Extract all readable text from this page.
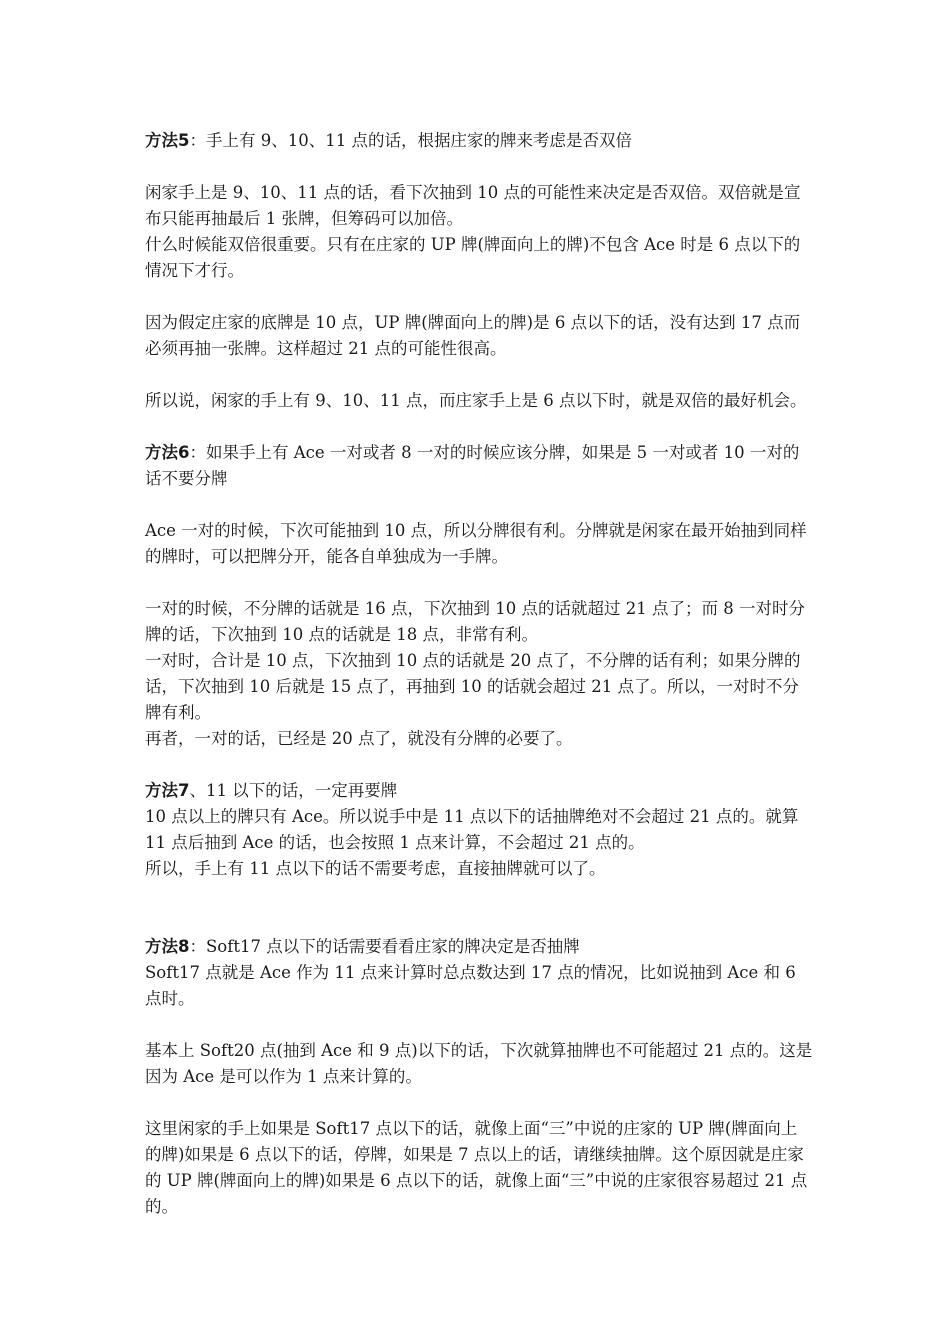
方法5：手上有 9、10、11 点的话，根据庄家的牌来考虑是否双倍

闲家手上是 9、10、11 点的话，看下次抽到 10 点的可能性来决定是否双倍。双倍就是宣布只能再抽最后 1 张牌，但筹码可以加倍。

什么时候能双倍很重要。只有在庄家的 UP 牌(牌面向上的牌)不包含 Ace 时是 6 点以下的情况下才行。

因为假定庄家的底牌是 10 点，UP 牌(牌面向上的牌)是 6 点以下的话，没有达到 17 点而必须再抽一张牌。这样超过 21 点的可能性很高。

所以说，闲家的手上有 9、10、11 点，而庄家手上是 6 点以下时，就是双倍的最好机会。

方法6：如果手上有 Ace 一对或者 8 一对的时候应该分牌，如果是 5 一对或者 10 一对的话不要分牌

Ace 一对的时候，下次可能抽到 10 点，所以分牌很有利。分牌就是闲家在最开始抽到同样的牌时，可以把牌分开，能各自单独成为一手牌。

一对的时候，不分牌的话就是 16 点，下次抽到 10 点的话就超过 21 点了；而 8 一对时分牌的话，下次抽到 10 点的话就是 18 点，非常有利。

一对时，合计是 10 点，下次抽到 10 点的话就是 20 点了，不分牌的话有利；如果分牌的话，下次抽到 10 后就是 15 点了，再抽到 10 的话就会超过 21 点了。所以，一对时不分牌有利。

再者，一对的话，已经是 20 点了，就没有分牌的必要了。

方法7、11 以下的话，一定再要牌

10 点以上的牌只有 Ace。所以说手中是 11 点以下的话抽牌绝对不会超过 21 点的。就算 11 点后抽到 Ace 的话，也会按照 1 点来计算，不会超过 21 点的。

所以，手上有 11 点以下的话不需要考虑，直接抽牌就可以了。

方法8：Soft17 点以下的话需要看看庄家的牌决定是否抽牌

Soft17 点就是 Ace 作为 11 点来计算时总点数达到 17 点的情况，比如说抽到 Ace 和 6 点时。

基本上 Soft20 点(抽到 Ace 和 9 点)以下的话，下次就算抽牌也不可能超过 21 点的。这是因为 Ace 是可以作为 1 点来计算的。

这里闲家的手上如果是 Soft17 点以下的话，就像上面“三”中说的庄家的 UP 牌(牌面向上的牌)如果是 6 点以下的话，停牌，如果是 7 点以上的话，请继续抽牌。这个原因就是庄家的 UP 牌(牌面向上的牌)如果是 6 点以下的话，就像上面“三”中说的庄家很容易超过 21 点的。
